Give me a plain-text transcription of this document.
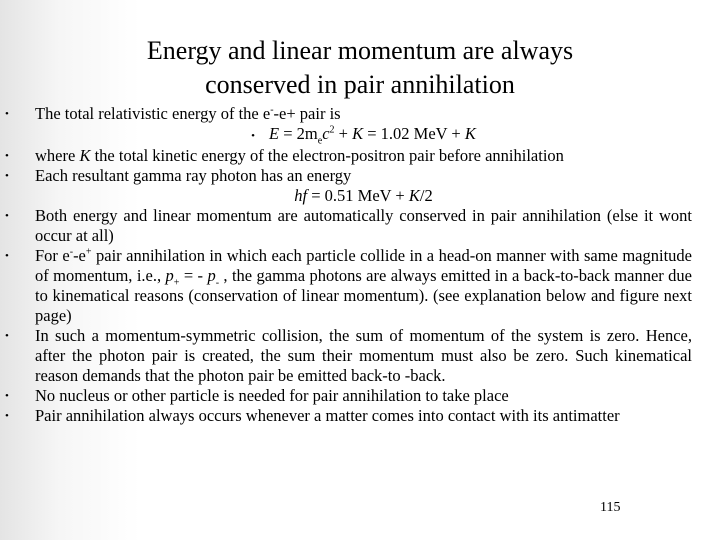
Energy and linear momentum are always
conserved in pair annihilation
• The total relativistic energy of the e--e+ pair is
• $E = 2m_ec^2 + K = 1.02$ MeV + K
• where K the total kinetic energy of the electron-positron pair before annihilation
• Each resultant gamma ray photon has an energy
hf = 0.51 MeV + K/2
• Both energy and linear momentum are automatically conserved in pair annihilation (else it wont occur at all)
• For e--e+ pair annihilation in which each particle collide in a head-on manner with same magnitude of momentum, i.e., $p_+$ = - $p_-$ , the gamma photons are always emitted in a back-to-back manner due to kinematical reasons (conservation of linear momentum). (see explanation below and figure next page)
• In such a momentum-symmetric collision, the sum of momentum of the system is zero. Hence, after the photon pair is created, the sum their momentum must also be zero. Such kinematical reason demands that the photon pair be emitted back-to -back.
• No nucleus or other particle is needed for pair annihilation to take place
• Pair annihilation always occurs whenever a matter comes into contact with its antimatter
115
